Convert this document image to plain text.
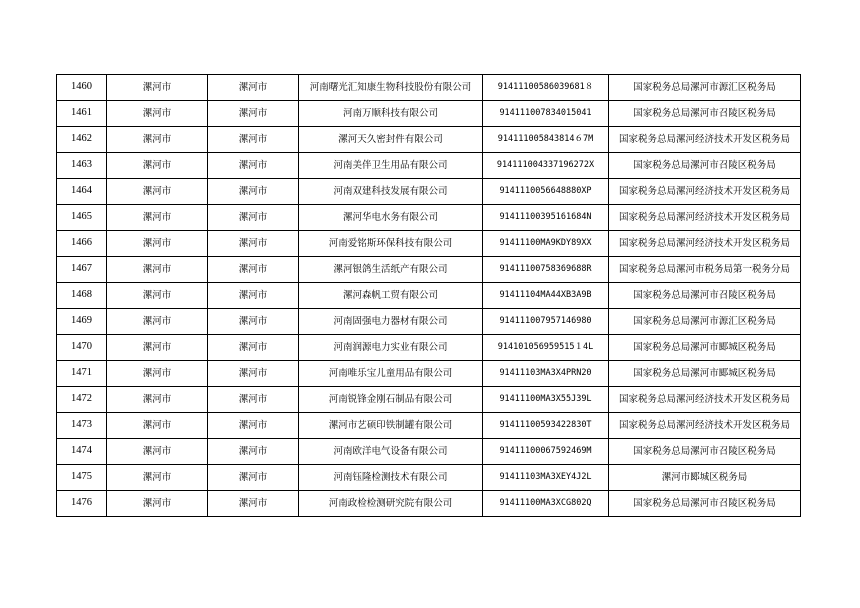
1460	漯河市	漯河市	河南曙光汇知康生物科技股份有限公司	91411100586039681８	国家税务总局漯河市源汇区税务局
1461	漯河市	漯河市	河南万顺科技有限公司	914111007834015041	国家税务总局漯河市召陵区税务局
1462	漯河市	漯河市	漯河天久密封件有限公司	914111005843814６7M	国家税务总局漯河经济技术开发区税务局
1463	漯河市	漯河市	河南美伴卫生用品有限公司	914111004337196272X	国家税务总局漯河市召陵区税务局
1464	漯河市	漯河市	河南双建科技发展有限公司	9141110056648880XP	国家税务总局漯河经济技术开发区税务局
1465	漯河市	漯河市	漯河华电水务有限公司	91411100395161684N	国家税务总局漯河经济技术开发区税务局
1466	漯河市	漯河市	河南爱铭斯环保科技有限公司	91411100MA9KDY89XX	国家税务总局漯河经济技术开发区税务局
1467	漯河市	漯河市	漯河银鸽生活纸产有限公司	91411100758369688R	国家税务总局漯河市税务局第一税务分局
1468	漯河市	漯河市	漯河森帆工贸有限公司	91411104MA44XB3A9B	国家税务总局漯河市召陵区税务局
1469	漯河市	漯河市	河南固强电力器材有限公司	914111007957146980	国家税务总局漯河市源汇区税务局
1470	漯河市	漯河市	河南润源电力实业有限公司	914101056959515１4L	国家税务总局漯河市郾城区税务局
1471	漯河市	漯河市	河南唯乐宝儿童用品有限公司	91411103MA3X4PRN20	国家税务总局漯河市郾城区税务局
1472	漯河市	漯河市	河南锐锋金刚石制品有限公司	91411100MA3X55J39L	国家税务总局漯河经济技术开发区税务局
1473	漯河市	漯河市	漯河市艺硕印铁制罐有限公司	91411100593422830T	国家税务总局漯河经济技术开发区税务局
1474	漯河市	漯河市	河南欧洋电气设备有限公司	91411100067592469M	国家税务总局漯河市召陵区税务局
1475	漯河市	漯河市	河南钰隆检测技术有限公司	91411103MA3XEY4J2L	漯河市郾城区税务局
1476	漯河市	漯河市	河南政检检测研究院有限公司	91411100MA3XCG802Q	国家税务总局漯河市召陵区税务局
